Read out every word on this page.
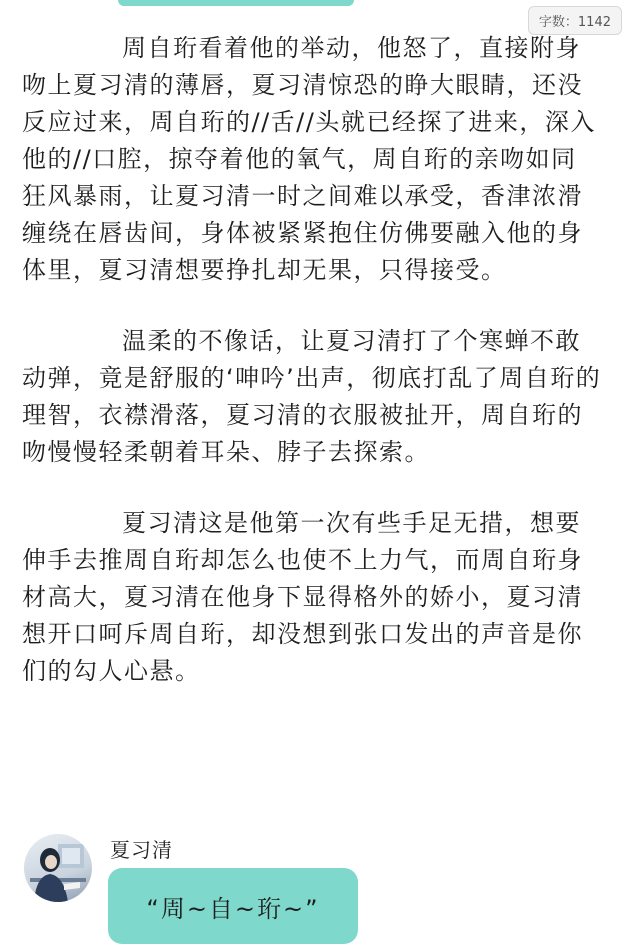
字数：1142

周自珩看着他的举动，他怒了，直接附身吻上夏习清的薄唇，夏习清惊恐的睁大眼睛，还没反应过来，周自珩的//舌//头就已经探了进来，深入他的//口腔，掠夺着他的氧气，周自珩的亲吻如同狂风暴雨，让夏习清一时之间难以承受，香津浓滑缠绕在唇齿间，身体被紧紧抱住仿佛要融入他的身体里，夏习清想要挣扎却无果，只得接受。

温柔的不像话，让夏习清打了个寒蝉不敢动弹，竟是舒服的‘呻吟’出声，彻底打乱了周自珩的理智，衣襟滑落，夏习清的衣服被扯开，周自珩的吻慢慢轻柔朝着耳朵、脖子去探索。

夏习清这是他第一次有些手足无措，想要伸手去推周自珩却怎么也使不上力气，而周自珩身材高大，夏习清在他身下显得格外的娇小，夏习清想开口呵斥周自珩，却没想到张口发出的声音是你们的勾人心悬。

夏习清
“周~自~珩~”
